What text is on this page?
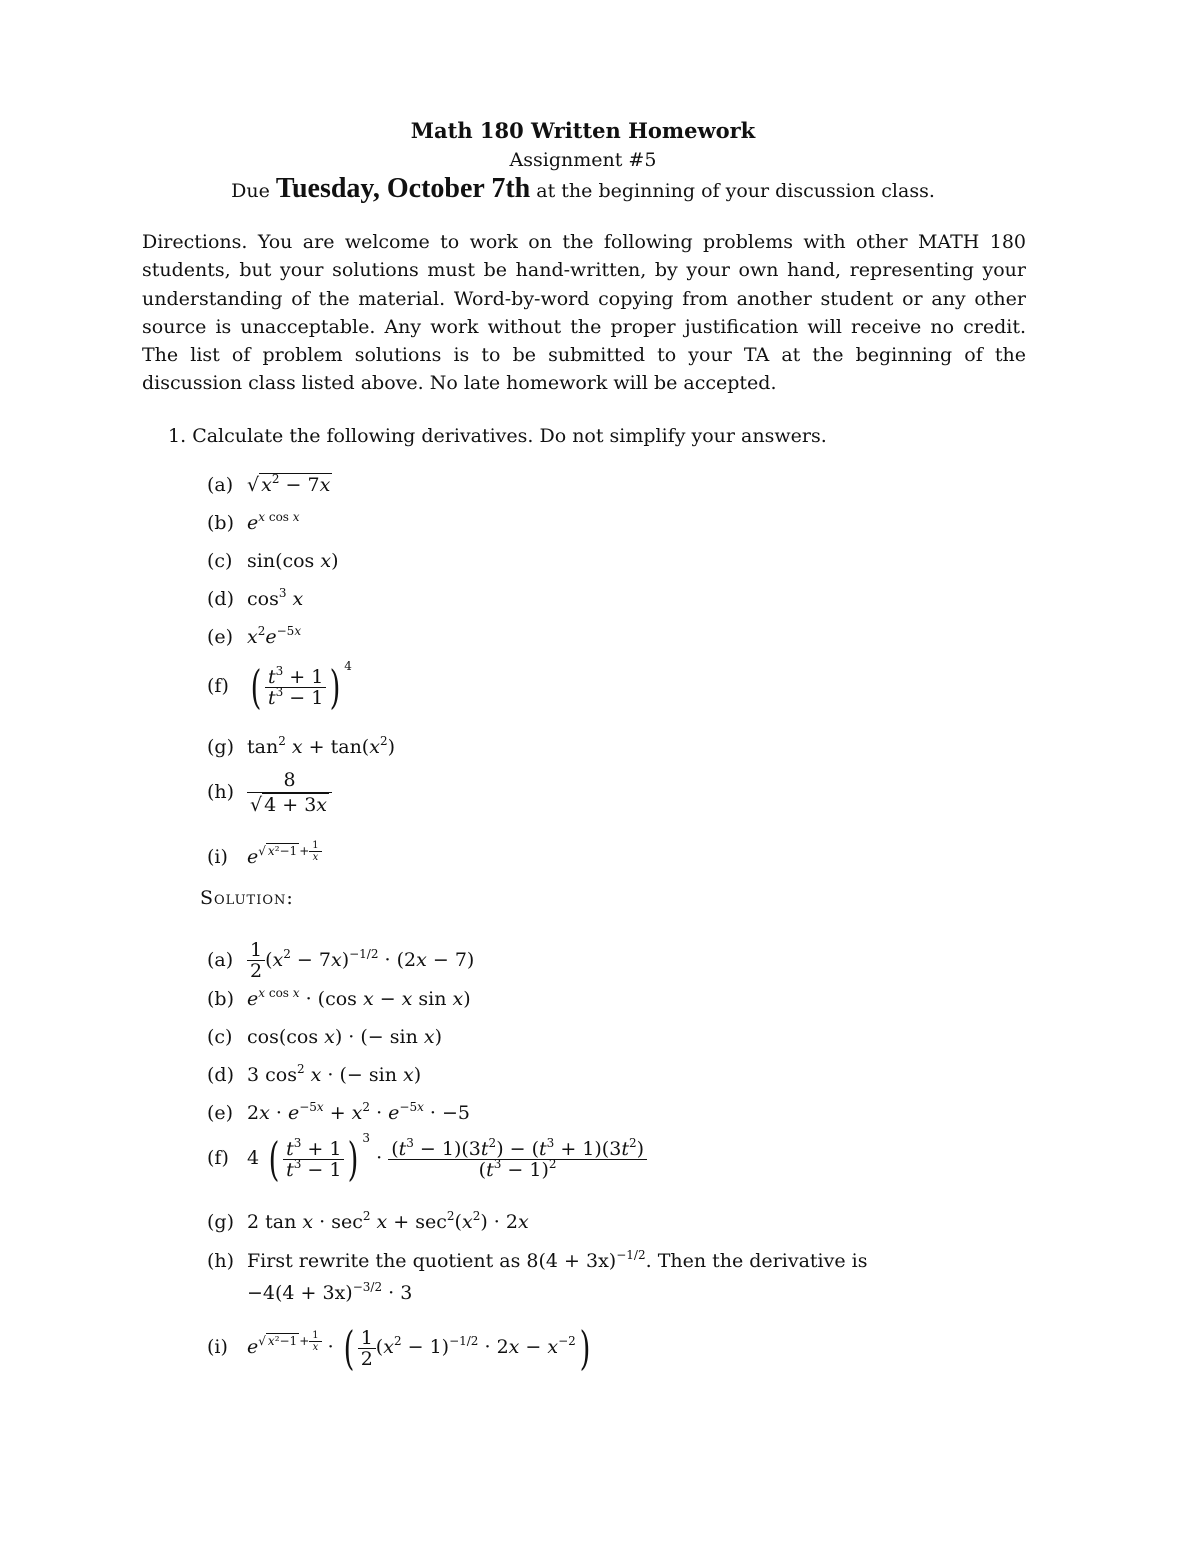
Math 180 Written Homework
Assignment #5
Due Tuesday, October 7th at the beginning of your discussion class.
Directions. You are welcome to work on the following problems with other MATH 180 students, but your solutions must be hand-written, by your own hand, representing your understanding of the material. Word-by-word copying from another student or any other source is unacceptable. Any work without the proper justification will receive no credit. The list of problem solutions is to be submitted to your TA at the beginning of the discussion class listed above. No late homework will be accepted.
1. Calculate the following derivatives. Do not simplify your answers.
(a) √ $x^2 - 7x$
(b) $e^{x cos x}$
(c) sin(cos x)
(d) $\cos^3 x$
(e) $x^2e^{-5x}$
(f) ( $\frac{t^3 + 1}{t^3 - 1}$ ) $^4$
(g) $\tan^2 x + \tan(x^2)$
$(h) \frac{8}{√ 4 + 3x}$
(i) $e^{√ x^2-1 + \frac{1}{x}}$
Solution:
$(a) \frac{1}{2} (x^2 - 7x)^{-1/2} \cdot (2x - 7)$
(b) $e^{x cos x} \cdot (\cos$ x − x sin x)
(c) cos(cos x) · (− sin x)
(d) 3 $\cos^2 x$ · (− sin x)
(e) $2x \cdot e^{-5x} + x^2 \cdot e^{-5x} \cdot -5$
(f) 4 ( $\frac{t^3 + 1}{t^3 - 1}$ ) $^3 \cdot \frac{(t^3 - 1)(3t^2) - (t^3 + 1)(3t^2)}{(t^3 - 1)^2}$
(g) 2 $\tan x \cdot \sec^2 x + \sec^2(x^2) \cdot 2x$
(h) First rewrite the quotient as $8(4 + 3x)^{-1/2}$. Then the derivative is
$-4(4 + 3x)^{-3/2} \cdot 3$
(i) $e^{√ x^2-1 + \frac{1}{x}}$ · ( $\frac{1}{2} (x^2 - 1)^{-1/2} \cdot 2x - x^{-2}$)
